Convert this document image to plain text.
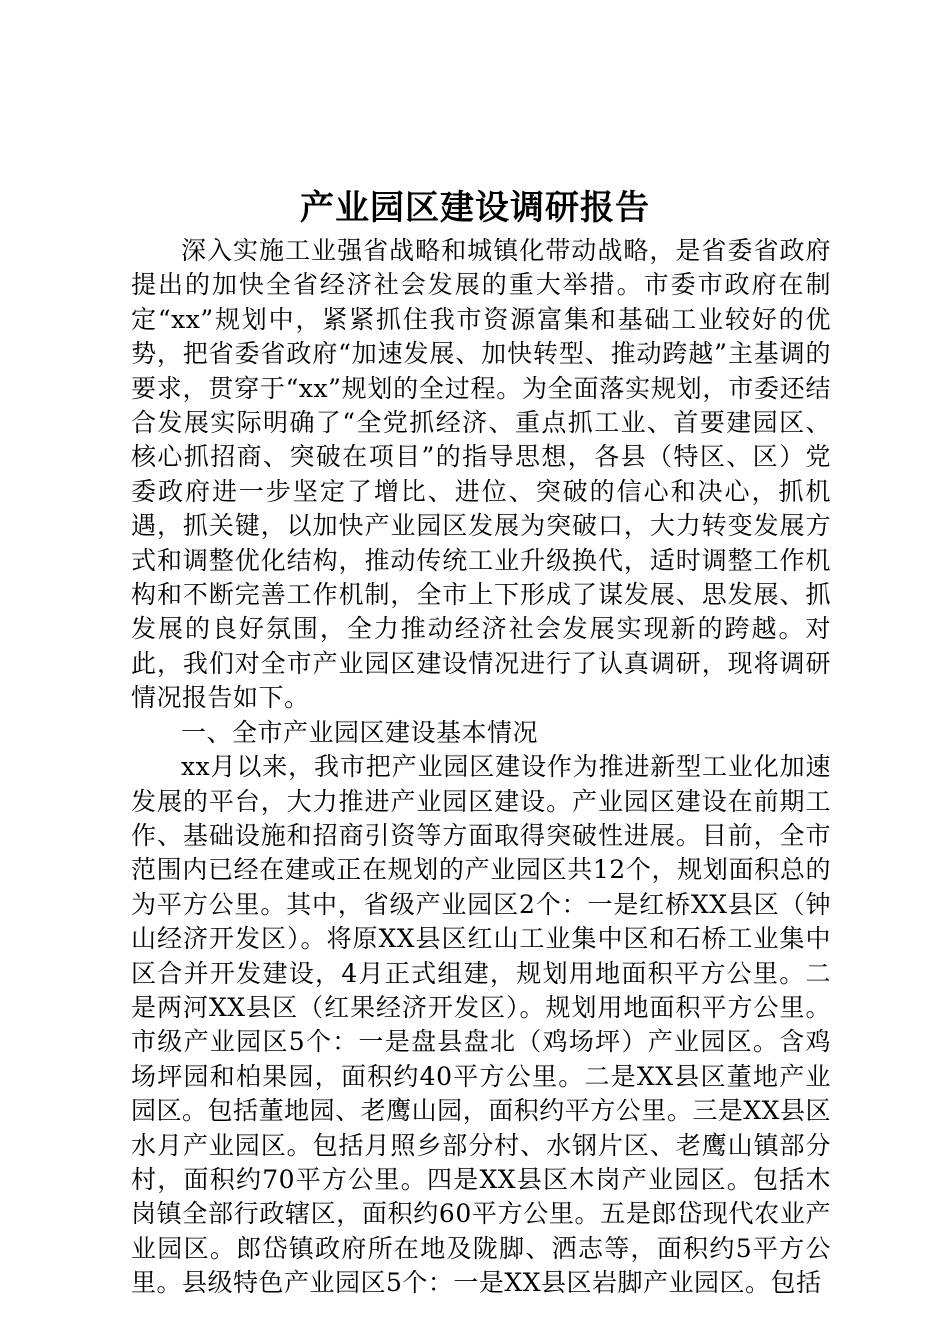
产业园区建设调研报告

深入实施工业强省战略和城镇化带动战略，是省委省政府提出的加快全省经济社会发展的重大举措。市委市政府在制定“xx”规划中，紧紧抓住我市资源富集和基础工业较好的优势，把省委省政府“加速发展、加快转型、推动跨越”主基调的要求，贯穿于“xx”规划的全过程。为全面落实规划，市委还结合发展实际明确了“全党抓经济、重点抓工业、首要建园区、核心抓招商、突破在项目”的指导思想，各县（特区、区）党委政府进一步坚定了增比、进位、突破的信心和决心，抓机遇，抓关键，以加快产业园区发展为突破口，大力转变发展方式和调整优化结构，推动传统工业升级换代，适时调整工作机构和不断完善工作机制，全市上下形成了谋发展、思发展、抓发展的良好氛围，全力推动经济社会发展实现新的跨越。对此，我们对全市产业园区建设情况进行了认真调研，现将调研情况报告如下。

一、全市产业园区建设基本情况

xx月以来，我市把产业园区建设作为推进新型工业化加速发展的平台，大力推进产业园区建设。产业园区建设在前期工作、基础设施和招商引资等方面取得突破性进展。目前，全市范围内已经在建或正在规划的产业园区共12个，规划面积总的为平方公里。其中，省级产业园区2个：一是红桥XX县区（钟山经济开发区）。将原XX县区红山工业集中区和石桥工业集中区合并开发建设，4月正式组建，规划用地面积平方公里。二是两河XX县区（红果经济开发区）。规划用地面积平方公里。市级产业园区5个：一是盘县盘北（鸡场坪）产业园区。含鸡场坪园和柏果园，面积约40平方公里。二是XX县区董地产业园区。包括董地园、老鹰山园，面积约平方公里。三是XX县区水月产业园区。包括月照乡部分村、水钢片区、老鹰山镇部分村，面积约70平方公里。四是XX县区木岗产业园区。包括木岗镇全部行政辖区，面积约60平方公里。五是郎岱现代农业产业园区。郎岱镇政府所在地及陇脚、洒志等，面积约5平方公里。县级特色产业园区5个：一是XX县区岩脚产业园区。包括
